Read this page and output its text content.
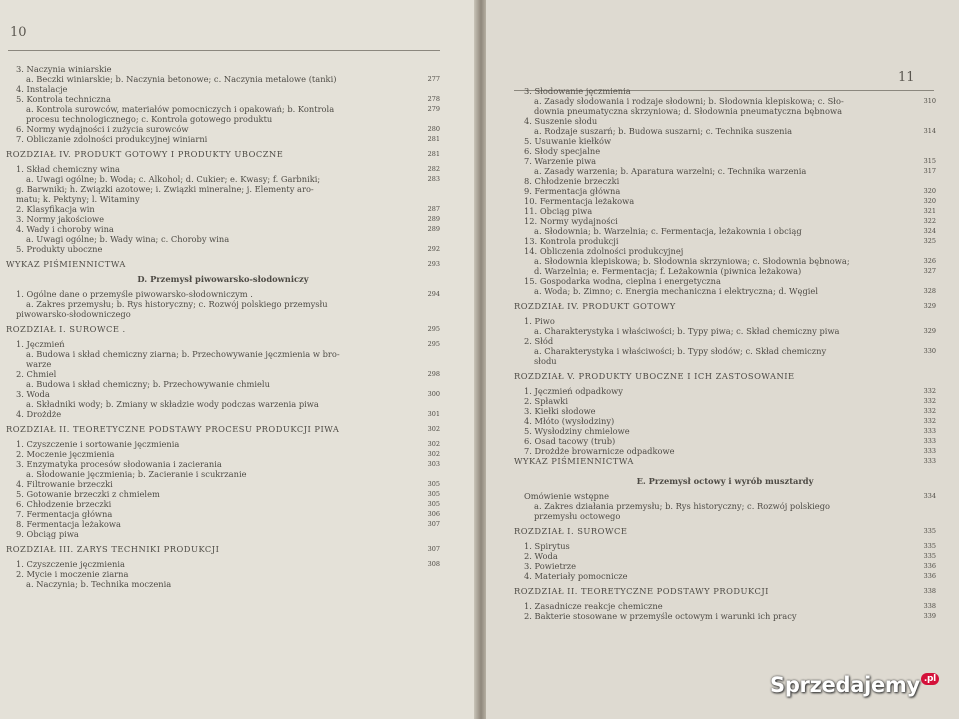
10
3. Naczynia winiarskie
a. Beczki winiarskie; b. Naczynia betonowe; c. Naczynia metalowe (tanki)	277
4. Instalacje
5. Kontrola techniczna	278
a. Kontrola surowców, materiałów pomocniczych i opakowań; b. Kontrola	279
procesu technologicznego; c. Kontrola gotowego produktu
6. Normy wydajności i zużycia surowców	280
7. Obliczanie zdolności produkcyjnej winiarni	281
ROZDZIAŁ IV. PRODUKT GOTOWY I PRODUKTY UBOCZNE	281
1. Skład chemiczny wina	282
a. Uwagi ogólne; b. Woda; c. Alkohol; d. Cukier; e. Kwasy; f. Garbniki;	283
g. Barwniki; h. Związki azotowe; i. Związki mineralne; j. Elementy aro-
matu; k. Pektyny; l. Witaminy
2. Klasyfikacja win	287
3. Normy jakościowe	289
4. Wady i choroby wina	289
a. Uwagi ogólne; b. Wady wina; c. Choroby wina
5. Produkty uboczne	292
WYKAZ PIŚMIENNICTWA	293
D. Przemysł piwowarsko-słodowniczy
1. Ogólne dane o przemyśle piwowarsko-słodowniczym .	294
a. Zakres przemysłu; b. Rys historyczny; c. Rozwój polskiego przemysłu
piwowarsko-słodowniczego
ROZDZIAŁ I. SUROWCE .	295
1. Jęczmień	295
a. Budowa i skład chemiczny ziarna; b. Przechowywanie jęczmienia w bro-
warze
2. Chmiel	298
a. Budowa i skład chemiczny; b. Przechowywanie chmielu
3. Woda	300
a. Składniki wody; b. Zmiany w składzie wody podczas warzenia piwa
4. Drożdże	301
ROZDZIAŁ II. TEORETYCZNE PODSTAWY PROCESU PRODUKCJI PIWA	302
1. Czyszczenie i sortowanie jęczmienia	302
2. Moczenie jęczmienia	302
3. Enzymatyka procesów słodowania i zacierania	303
a. Słodowanie jęczmienia; b. Zacieranie i scukrzanie
4. Filtrowanie brzeczki	305
5. Gotowanie brzeczki z chmielem	305
6. Chłodzenie brzeczki	305
7. Fermentacja główna	306
8. Fermentacja leżakowa	307
9. Obciąg piwa
ROZDZIAŁ III. ZARYS TECHNIKI PRODUKCJI	307
1. Czyszczenie jęczmienia	308
2. Mycie i moczenie ziarna
a. Naczynia; b. Technika moczenia
11
3. Słodowanie jęczmienia
a. Zasady słodowania i rodzaje słodowni; b. Słodownia klepiskowa; c. Sło-	310
downia pneumatyczna skrzyniowa; d. Słodownia pneumatyczna bębnowa
4. Suszenie słodu
a. Rodzaje suszarń; b. Budowa suszarni; c. Technika suszenia	314
5. Usuwanie kiełków
6. Słody specjalne
7. Warzenie piwa	315
a. Zasady warzenia; b. Aparatura warzelni; c. Technika warzenia	317
8. Chłodzenie brzeczki
9. Fermentacja główna	320
10. Fermentacja leżakowa	320
11. Obciąg piwa	321
12. Normy wydajności	322
a. Słodownia; b. Warzelnia; c. Fermentacja, leżakownia i obciąg	324
13. Kontrola produkcji	325
14. Obliczenia zdolności produkcyjnej
a. Słodownia klepiskowa; b. Słodownia skrzyniowa; c. Słodownia bębnowa;	326
d. Warzelnia; e. Fermentacja; f. Leżakownia (piwnica leżakowa)	327
15. Gospodarka wodna, cieplna i energetyczna
a. Woda; b. Zimno; c. Energia mechaniczna i elektryczna; d. Węgiel	328
ROZDZIAŁ IV. PRODUKT GOTOWY	329
1. Piwo
a. Charakterystyka i właściwości; b. Typy piwa; c. Skład chemiczny piwa	329
2. Słód
a. Charakterystyka i właściwości; b. Typy słodów; c. Skład chemiczny	330
słodu
ROZDZIAŁ V. PRODUKTY UBOCZNE I ICH ZASTOSOWANIE
1. Jęczmień odpadkowy	332
2. Spławki	332
3. Kiełki słodowe	332
4. Młóto (wysłodziny)	332
5. Wysłodziny chmielowe	333
6. Osad tacowy (trub)	333
7. Drożdże browarnicze odpadkowe	333
WYKAZ PIŚMIENNICTWA	333
E. Przemysł octowy i wyrób musztardy
Omówienie wstępne	334
a. Zakres działania przemysłu; b. Rys historyczny; c. Rozwój polskiego
przemysłu octowego
ROZDZIAŁ I. SUROWCE	335
1. Spirytus	335
2. Woda	335
3. Powietrze	336
4. Materiały pomocnicze	336
ROZDZIAŁ II. TEORETYCZNE PODSTAWY PRODUKCJI	338
1. Zasadnicze reakcje chemiczne	338
2. Bakterie stosowane w przemyśle octowym i warunki ich pracy	339
Sprzedajemy .pl
